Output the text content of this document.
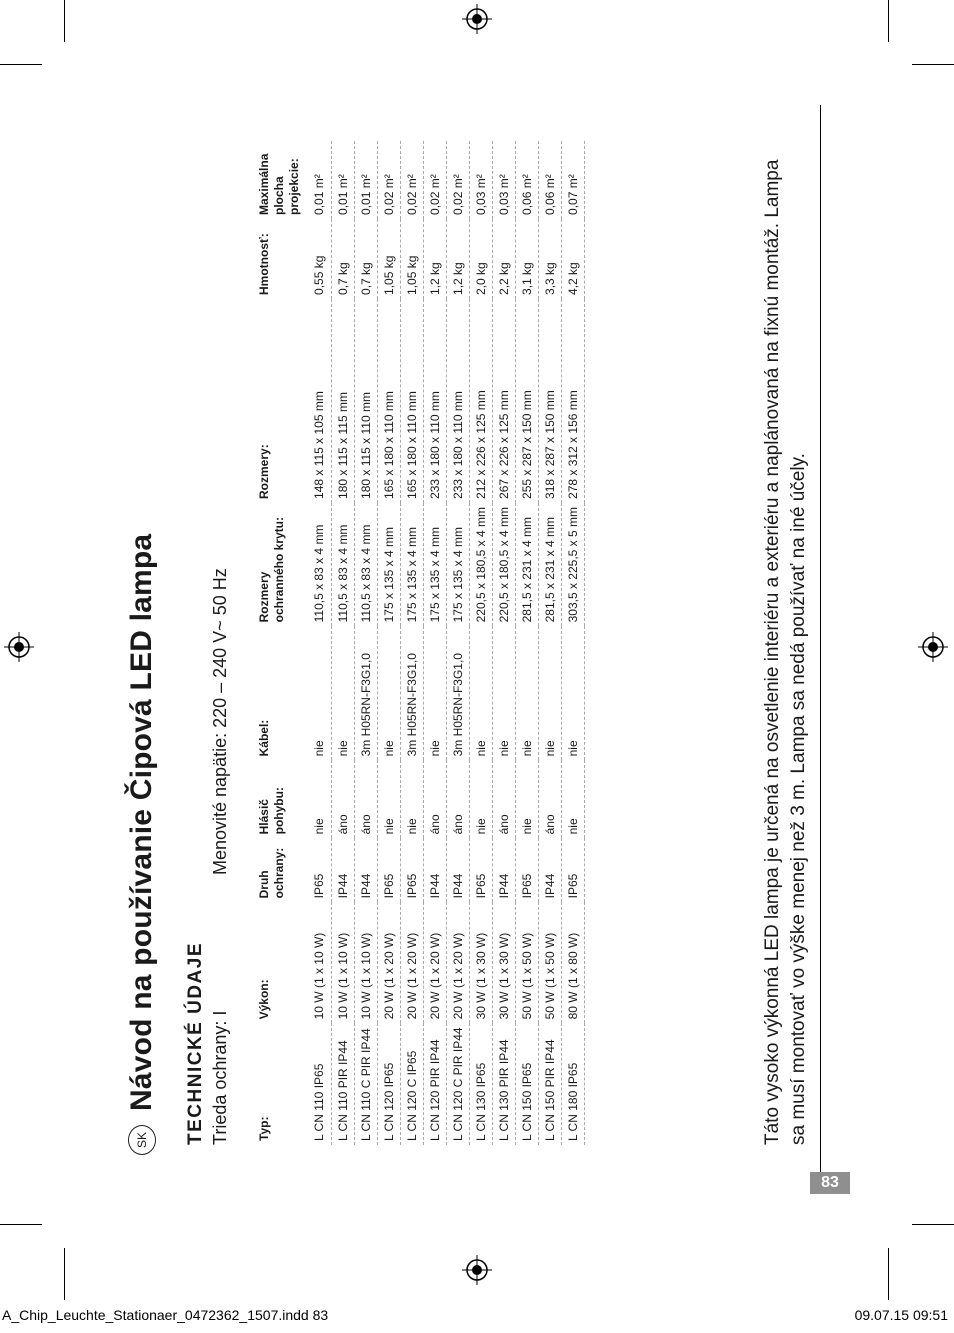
SK
Návod na používanie Čipová LED lampa TECHNICKÉ ÚDAJE Trieda ochrany: I
Menovité napätie: 220 – 240 V~ 50 Hz
Typ:	Výkon:	Druh ochrany:	Hlásič pohybu:	Kábel:	Rozmery ochranného krytu:	Rozmery:	Hmotnosť:	Maximálna plocha projekcie:
L CN 110 IP65	10 W (1 x 10 W)	IP65	nie	nie	110,5 x 83 x 4 mm	148 x 115 x 105 mm	0,55 kg	0,01 m²
L CN 110 PIR IP44	10 W (1 x 10 W)	IP44	áno	nie	110,5 x 83 x 4 mm	180 x 115 x 115 mm	0,7 kg	0,01 m²
L CN 110 C PIR IP44	10 W (1 x 10 W)	IP44	áno	3m H05RN-F3G1,0	110,5 x 83 x 4 mm	180 x 115 x 110 mm	0,7 kg	0,01 m²
L CN 120 IP65	20 W (1 x 20 W)	IP65	nie	nie	175 x 135 x 4 mm	165 x 180 x 110 mm	1,05 kg	0,02 m²
L CN 120 C IP65	20 W (1 x 20 W)	IP65	nie	3m H05RN-F3G1,0	175 x 135 x 4 mm	165 x 180 x 110 mm	1,05 kg	0,02 m²
L CN 120 PIR IP44	20 W (1 x 20 W)	IP44	áno	nie	175 x 135 x 4 mm	233 x 180 x 110 mm	1,2 kg	0,02 m²
L CN 120 C PIR IP44	20 W (1 x 20 W)	IP44	áno	3m H05RN-F3G1,0	175 x 135 x 4 mm	233 x 180 x 110 mm	1,2 kg	0,02 m²
L CN 130 IP65	30 W (1 x 30 W)	IP65	nie	nie	220,5 x 180,5 x 4 mm	212 x 226 x 125 mm	2,0 kg	0,03 m²
L CN 130 PIR IP44	30 W (1 x 30 W)	IP44	áno	nie	220,5 x 180,5 x 4 mm	267 x 226 x 125 mm	2,2 kg	0,03 m²
L CN 150 IP65	50 W (1 x 50 W)	IP65	nie	nie	281,5 x 231 x 4 mm	255 x 287 x 150 mm	3,1 kg	0,06 m²
L CN 150 PIR IP44	50 W (1 x 50 W)	IP44	áno	nie	281,5 x 231 x 4 mm	318 x 287 x 150 mm	3,3 kg	0,06 m²
L CN 180 IP65	80 W (1 x 80 W)	IP65	nie	nie	303,5 x 225,5 x 5 mm	278 x 312 x 156 mm	4,2 kg	0,07 m²	Táto vysoko výkonná LED lampa je určená na osvetlenie interiéru a exteriéru a naplánovaná na fixnú montáž. Lampa sa musí montovať vo výške menej než 3 m. Lampa sa nedá používať na iné účely.
83
A_Chip_Leuchte_Stationaer_0472362_1507.indd 83	09.07.15 09:51
